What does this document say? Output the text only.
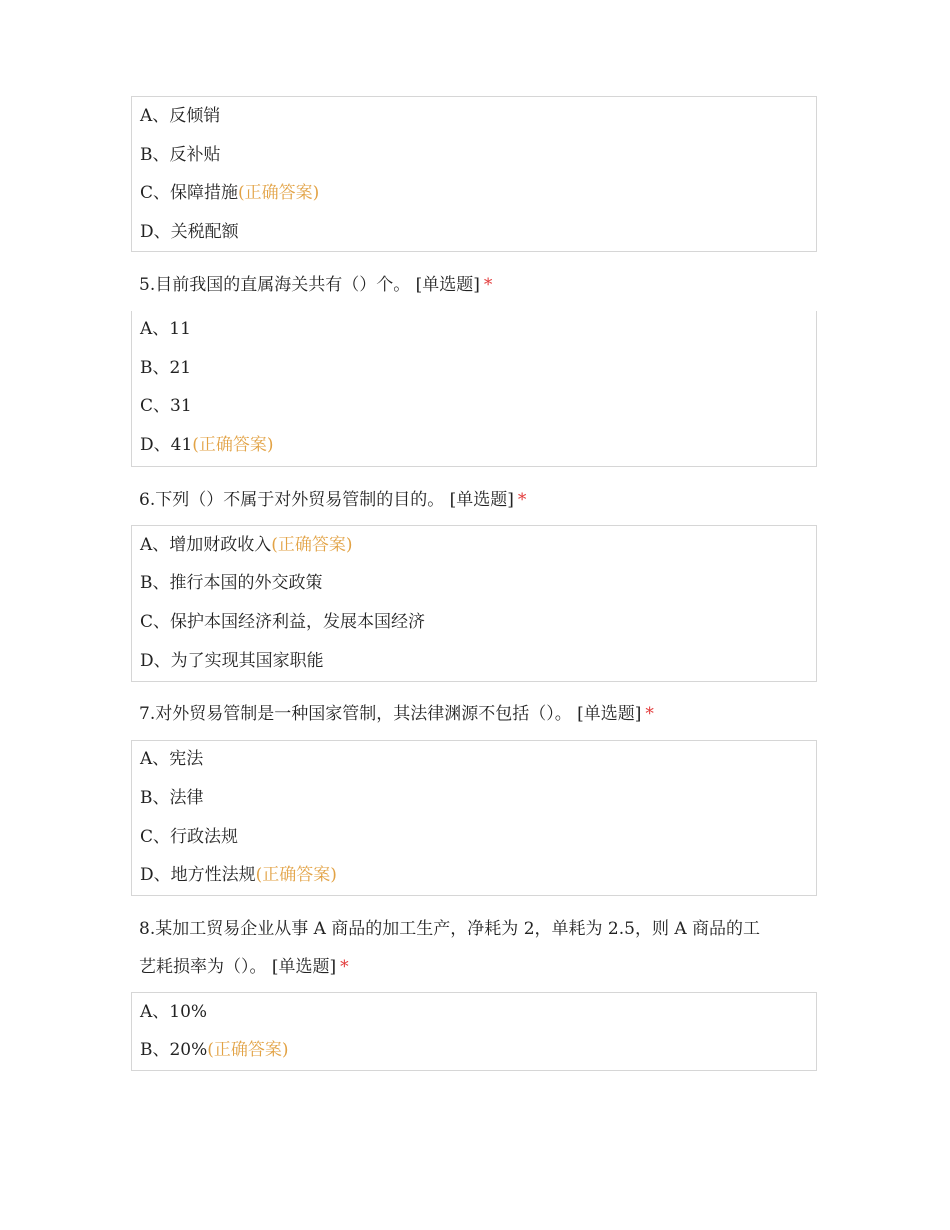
A、反倾销
B、反补贴
C、保障措施(正确答案)
D、关税配额
5.目前我国的直属海关共有（）个。 [单选题] *
A、11
B、21
C、31
D、41(正确答案)
6.下列（）不属于对外贸易管制的目的。 [单选题] *
A、增加财政收入(正确答案)
B、推行本国的外交政策
C、保护本国经济利益，发展本国经济
D、为了实现其国家职能
7.对外贸易管制是一种国家管制，其法律渊源不包括（）。 [单选题] *
A、宪法
B、法律
C、行政法规
D、地方性法规(正确答案)
8.某加工贸易企业从事 A 商品的加工生产，净耗为 2，单耗为 2.5，则 A 商品的工
艺耗损率为（）。 [单选题] *
A、10%
B、20%(正确答案)
